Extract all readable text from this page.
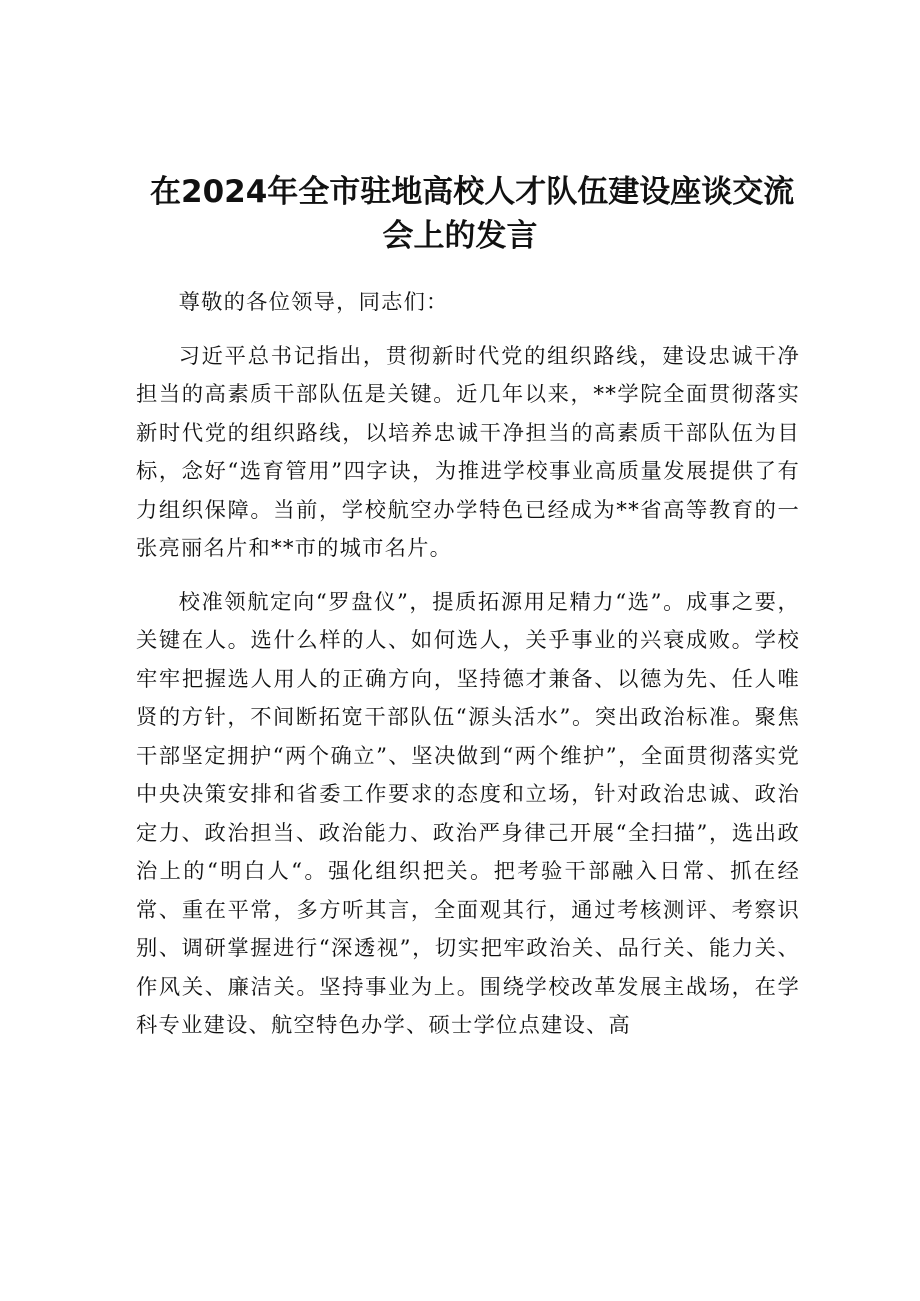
在2024年全市驻地高校人才队伍建设座谈交流
会上的发言

尊敬的各位领导，同志们：

习近平总书记指出，贯彻新时代党的组织路线，建设忠诚干净担当的高素质干部队伍是关键。近几年以来，**学院全面贯彻落实新时代党的组织路线，以培养忠诚干净担当的高素质干部队伍为目标，念好“选育管用”四字诀，为推进学校事业高质量发展提供了有力组织保障。当前，学校航空办学特色已经成为**省高等教育的一张亮丽名片和**市的城市名片。

校准领航定向“罗盘仪”，提质拓源用足精力“选”。成事之要，关键在人。选什么样的人、如何选人，关乎事业的兴衰成败。学校牢牢把握选人用人的正确方向，坚持德才兼备、以德为先、任人唯贤的方针，不间断拓宽干部队伍“源头活水”。突出政治标准。聚焦干部坚定拥护“两个确立”、坚决做到“两个维护”，全面贯彻落实党中央决策安排和省委工作要求的态度和立场，针对政治忠诚、政治定力、政治担当、政治能力、政治严身律己开展“全扫描”，选出政治上的“明白人“。强化组织把关。把考验干部融入日常、抓在经常、重在平常，多方听其言，全面观其行，通过考核测评、考察识别、调研掌握进行“深透视”，切实把牢政治关、品行关、能力关、作风关、廉洁关。坚持事业为上。围绕学校改革发展主战场，在学科专业建设、航空特色办学、硕士学位点建设、高
